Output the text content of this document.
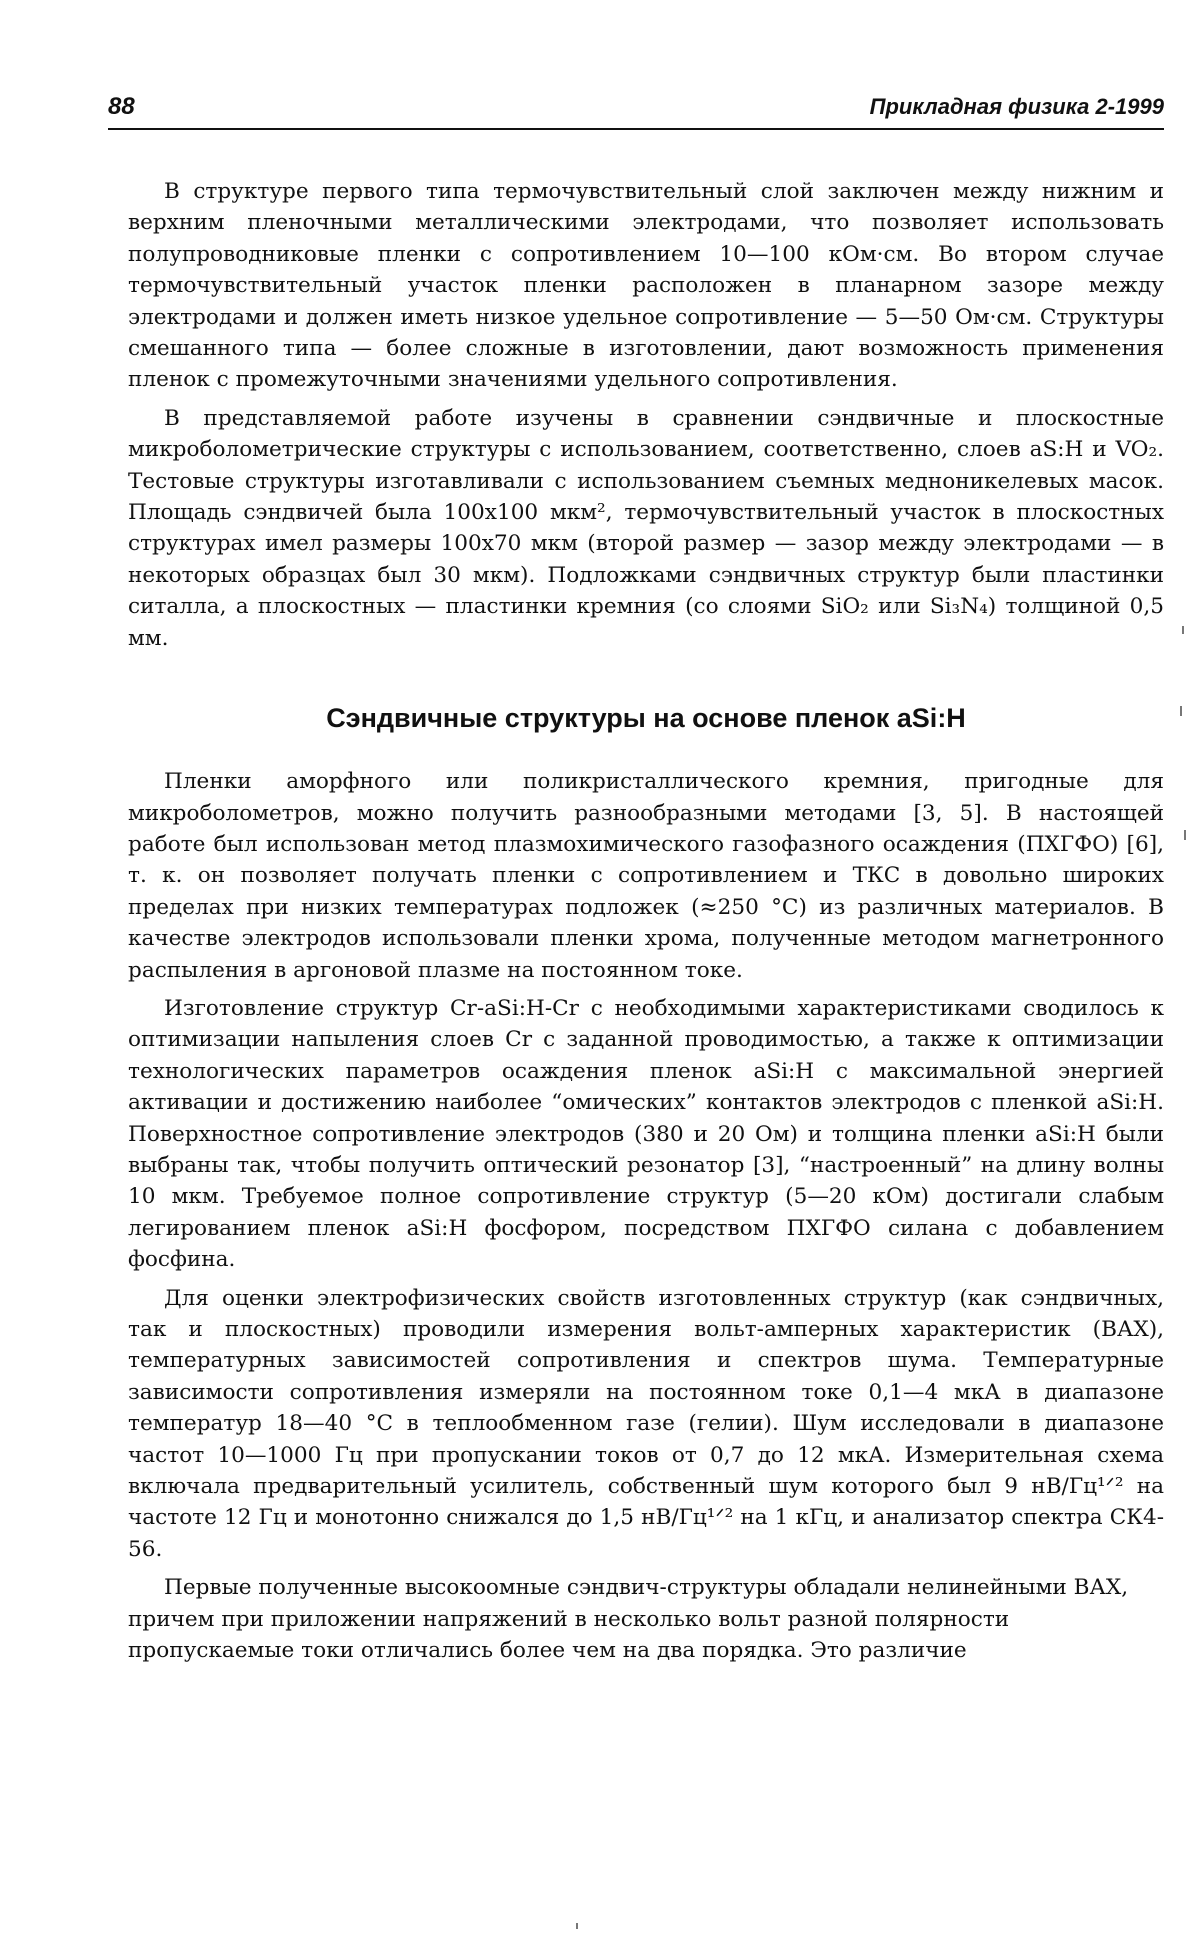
88	Прикладная физика 2-1999

В структуре первого типа термочувствительный слой заключен между нижним и верхним пленочными металлическими электродами, что позволяет использовать полупроводниковые пленки с сопротивлением 10—100 кОм·см. Во втором случае термочувствительный участок пленки расположен в планарном зазоре между электродами и должен иметь низкое удельное сопротивление — 5—50 Ом·см. Структуры смешанного типа — более сложные в изготовлении, дают возможность применения пленок с промежуточными значениями удельного сопротивления.

В представляемой работе изучены в сравнении сэндвичные и плоскостные микроболометрические структуры с использованием, соответственно, слоев aS:H и VO₂. Тестовые структуры изготавливали с использованием съемных медноникелевых масок. Площадь сэндвичей была 100х100 мкм², термочувствительный участок в плоскостных структурах имел размеры 100х70 мкм (второй размер — зазор между электродами — в некоторых образцах был 30 мкм). Подложками сэндвичных структур были пластинки ситалла, а плоскостных — пластинки кремния (со слоями SiO₂ или Si₃N₄) толщиной 0,5 мм.

Сэндвичные структуры на основе пленок aSi:H

Пленки аморфного или поликристаллического кремния, пригодные для микроболометров, можно получить разнообразными методами [3, 5]. В настоящей работе был использован метод плазмохимического газофазного осаждения (ПХГФО) [6], т. к. он позволяет получать пленки с сопротивлением и ТКС в довольно широких пределах при низких температурах подложек (≈250 °С) из различных материалов. В качестве электродов использовали пленки хрома, полученные методом магнетронного распыления в аргоновой плазме на постоянном токе.

Изготовление структур Cr-aSi:H-Cr с необходимыми характеристиками сводилось к оптимизации напыления слоев Cr с заданной проводимостью, а также к оптимизации технологических параметров осаждения пленок aSi:H с максимальной энергией активации и достижению наиболее “омических” контактов электродов с пленкой aSi:H. Поверхностное сопротивление электродов (380 и 20 Ом) и толщина пленки aSi:H были выбраны так, чтобы получить оптический резонатор [3], “настроенный” на длину волны 10 мкм. Требуемое полное сопротивление структур (5—20 кОм) достигали слабым легированием пленок aSi:H фосфором, посредством ПХГФО силана с добавлением фосфина.

Для оценки электрофизических свойств изготовленных структур (как сэндвичных, так и плоскостных) проводили измерения вольт-амперных характеристик (ВАХ), температурных зависимостей сопротивления и спектров шума. Температурные зависимости сопротивления измеряли на постоянном токе 0,1—4 мкА в диапазоне температур 18—40 °С в теплообменном газе (гелии). Шум исследовали в диапазоне частот 10—1000 Гц при пропускании токов от 0,7 до 12 мкА. Измерительная схема включала предварительный усилитель, собственный шум которого был 9 нВ/Гц¹ᐟ² на частоте 12 Гц и монотонно снижался до 1,5 нВ/Гц¹ᐟ² на 1 кГц, и анализатор спектра СК4-56.

Первые полученные высокоомные сэндвич-структуры обладали нелинейными ВАХ, причем при приложении напряжений в несколько вольт разной полярности пропускаемые токи отличались более чем на два порядка. Это различие
